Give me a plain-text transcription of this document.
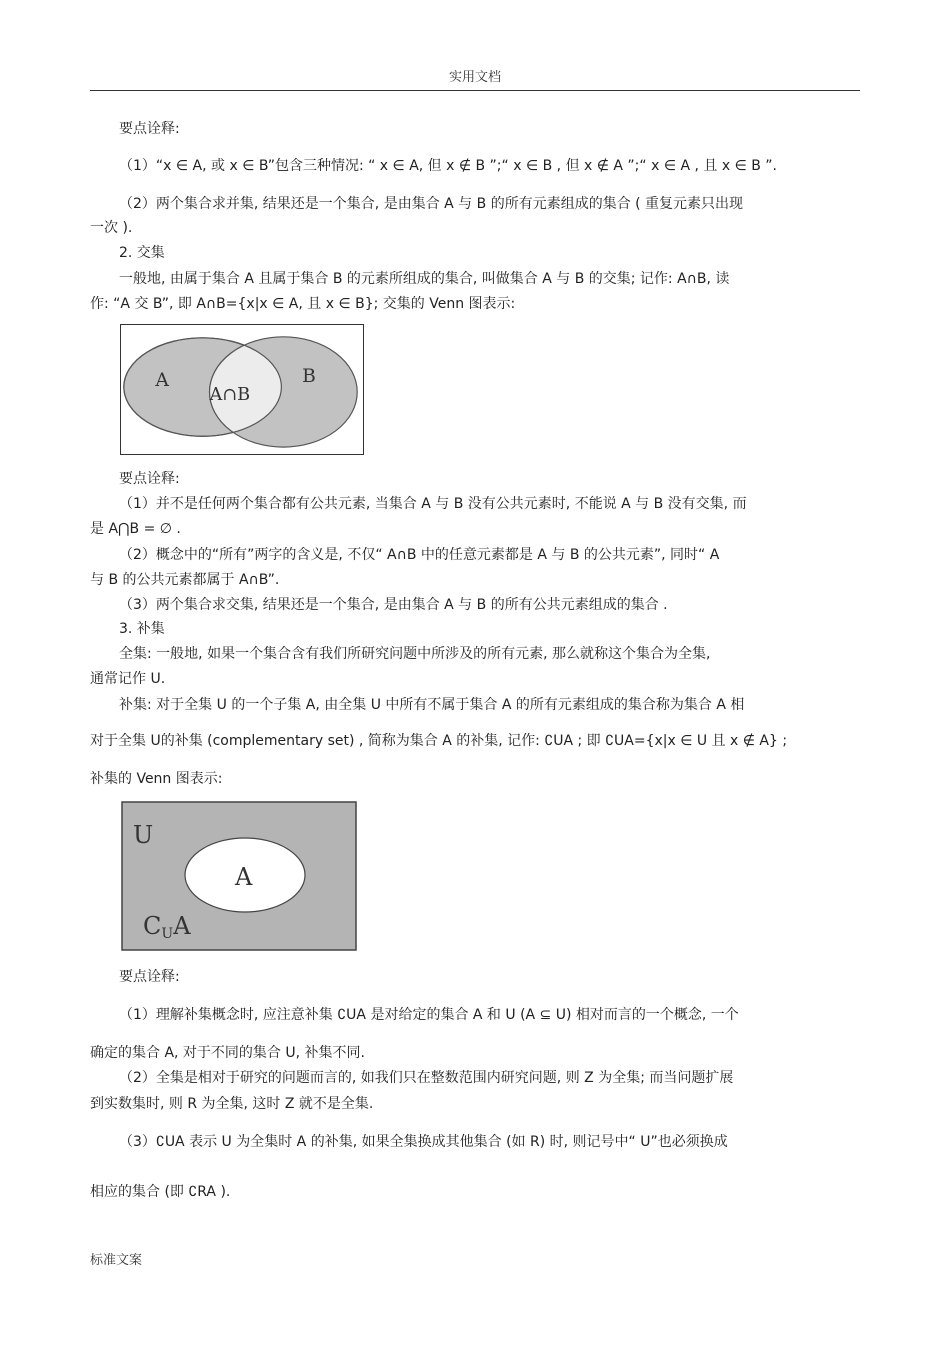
实用文档
要点诠释:
（1）“x ∈ A, 或 x ∈ B”包含三种情况: “ x ∈ A, 但 x ∉ B ”;“ x ∈ B , 但 x ∉ A ”;“ x ∈ A , 且 x ∈ B ”.
（2）两个集合求并集, 结果还是一个集合, 是由集合 A 与 B 的所有元素组成的集合 ( 重复元素只出现
一次 ).
2. 交集
一般地, 由属于集合 A 且属于集合 B 的元素所组成的集合, 叫做集合 A 与 B 的交集; 记作: A∩B, 读
作: “A 交 B”, 即 A∩B={x|x ∈ A, 且 x ∈ B}; 交集的 Venn 图表示:
A	B
A∩B
要点诠释:
（1）并不是任何两个集合都有公共元素, 当集合 A 与 B 没有公共元素时, 不能说 A 与 B 没有交集, 而
是 A⋂B = ∅ .
（2）概念中的“所有”两字的含义是, 不仅“ A∩B 中的任意元素都是 A 与 B 的公共元素”, 同时“ A
与 B 的公共元素都属于 A∩B”.
（3）两个集合求交集, 结果还是一个集合, 是由集合 A 与 B 的所有公共元素组成的集合 .
3. 补集
全集: 一般地, 如果一个集合含有我们所研究问题中所涉及的所有元素, 那么就称这个集合为全集,
通常记作 U.
补集: 对于全集 U 的一个子集 A, 由全集 U 中所有不属于集合 A 的所有元素组成的集合称为集合 A 相
对于全集 U的补集 (complementary set) , 简称为集合 A 的补集, 记作: ∁UA ; 即 ∁UA={x|x ∈ U 且 x ∉ A} ;
补集的 Venn 图表示:
U
A
CUA
要点诠释:
（1）理解补集概念时, 应注意补集 ∁UA 是对给定的集合 A 和 U (A ⊆ U) 相对而言的一个概念, 一个
确定的集合 A, 对于不同的集合 U, 补集不同.
（2）全集是相对于研究的问题而言的, 如我们只在整数范围内研究问题, 则 Z 为全集; 而当问题扩展
到实数集时, 则 R 为全集, 这时 Z 就不是全集.
（3）∁UA 表示 U 为全集时 A 的补集, 如果全集换成其他集合 (如 R) 时, 则记号中“ U”也必须换成
相应的集合 (即 ∁RA ).
标准文案
